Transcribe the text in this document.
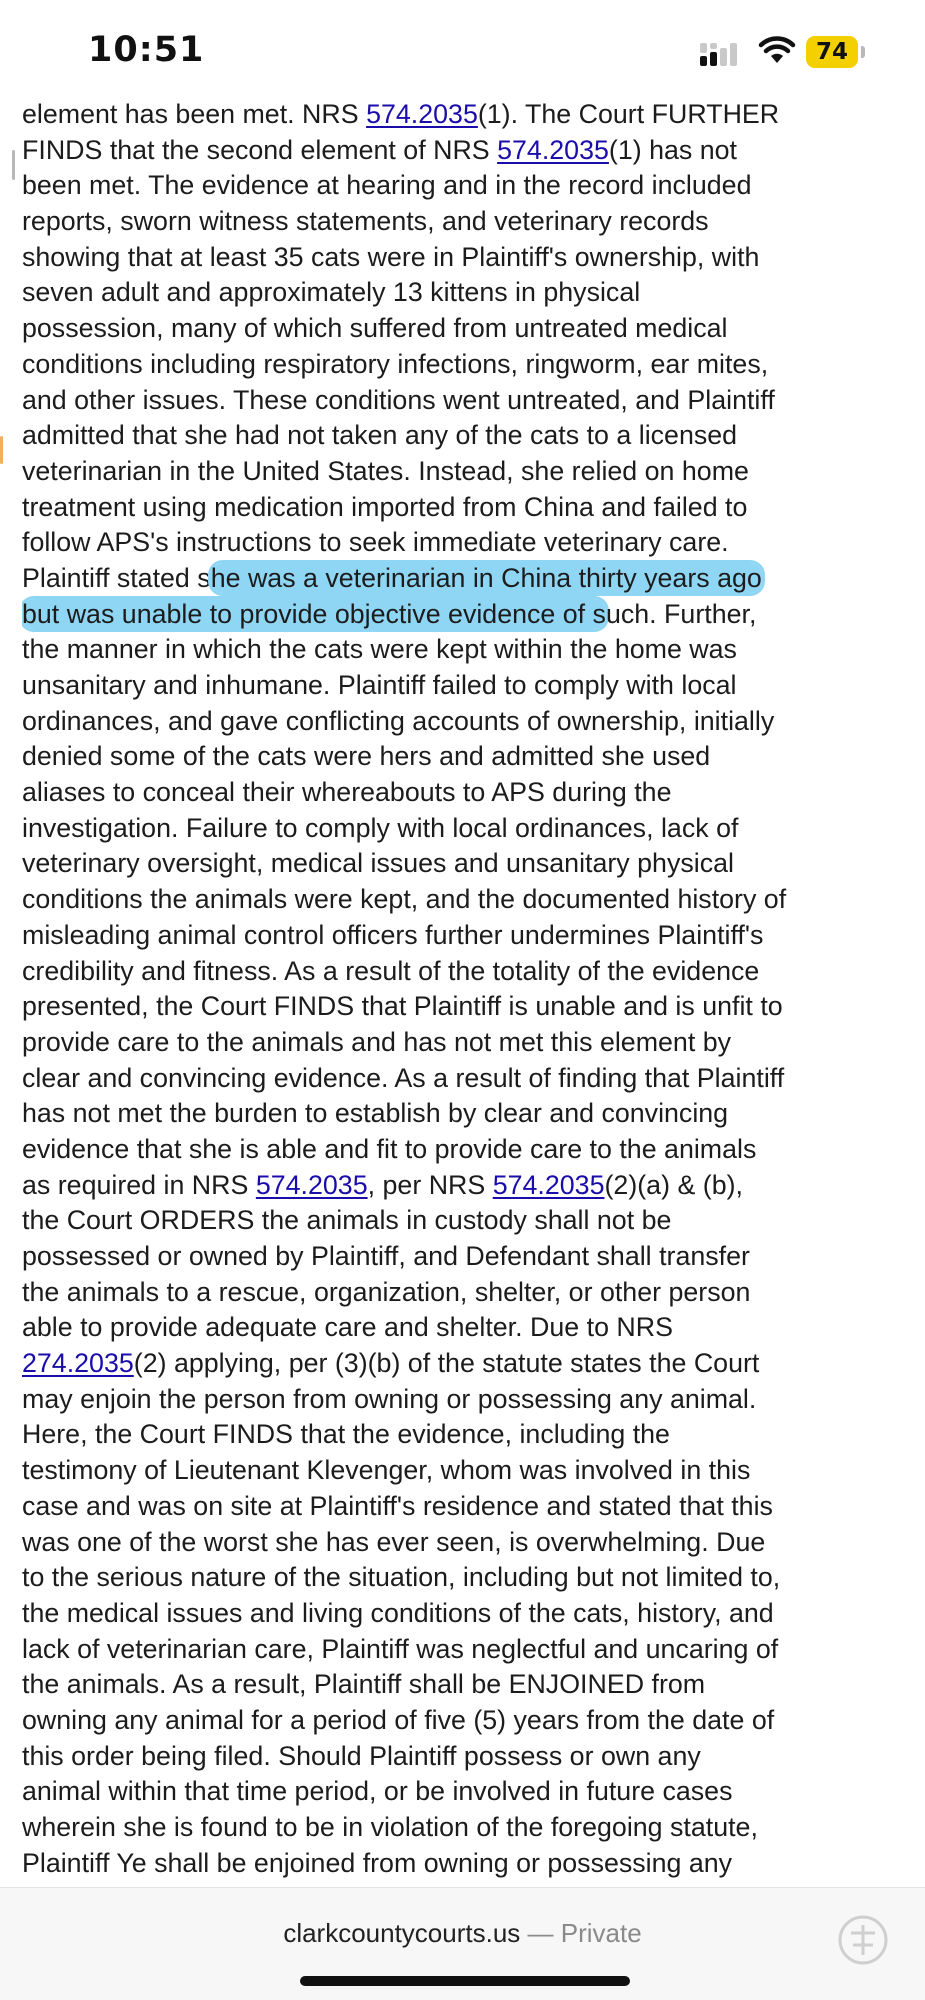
10:51	74

element has been met. NRS 574.2035(1). The Court FURTHER
FINDS that the second element of NRS 574.2035(1) has not
been met. The evidence at hearing and in the record included
reports, sworn witness statements, and veterinary records
showing that at least 35 cats were in Plaintiff's ownership, with
seven adult and approximately 13 kittens in physical
possession, many of which suffered from untreated medical
conditions including respiratory infections, ringworm, ear mites,
and other issues. These conditions went untreated, and Plaintiff
admitted that she had not taken any of the cats to a licensed
veterinarian in the United States. Instead, she relied on home
treatment using medication imported from China and failed to
follow APS's instructions to seek immediate veterinary care.
Plaintiff stated she was a veterinarian in China thirty years ago
but was unable to provide objective evidence of such. Further,
the manner in which the cats were kept within the home was
unsanitary and inhumane. Plaintiff failed to comply with local
ordinances, and gave conflicting accounts of ownership, initially
denied some of the cats were hers and admitted she used
aliases to conceal their whereabouts to APS during the
investigation. Failure to comply with local ordinances, lack of
veterinary oversight, medical issues and unsanitary physical
conditions the animals were kept, and the documented history of
misleading animal control officers further undermines Plaintiff's
credibility and fitness. As a result of the totality of the evidence
presented, the Court FINDS that Plaintiff is unable and is unfit to
provide care to the animals and has not met this element by
clear and convincing evidence. As a result of finding that Plaintiff
has not met the burden to establish by clear and convincing
evidence that she is able and fit to provide care to the animals
as required in NRS 574.2035, per NRS 574.2035(2)(a) & (b),
the Court ORDERS the animals in custody shall not be
possessed or owned by Plaintiff, and Defendant shall transfer
the animals to a rescue, organization, shelter, or other person
able to provide adequate care and shelter. Due to NRS
274.2035(2) applying, per (3)(b) of the statute states the Court
may enjoin the person from owning or possessing any animal.
Here, the Court FINDS that the evidence, including the
testimony of Lieutenant Klevenger, whom was involved in this
case and was on site at Plaintiff's residence and stated that this
was one of the worst she has ever seen, is overwhelming. Due
to the serious nature of the situation, including but not limited to,
the medical issues and living conditions of the cats, history, and
lack of veterinarian care, Plaintiff was neglectful and uncaring of
the animals. As a result, Plaintiff shall be ENJOINED from
owning any animal for a period of five (5) years from the date of
this order being filed. Should Plaintiff possess or own any
animal within that time period, or be involved in future cases
wherein she is found to be in violation of the foregoing statute,
Plaintiff Ye shall be enjoined from owning or possessing any

clarkcountycourts.us — Private
